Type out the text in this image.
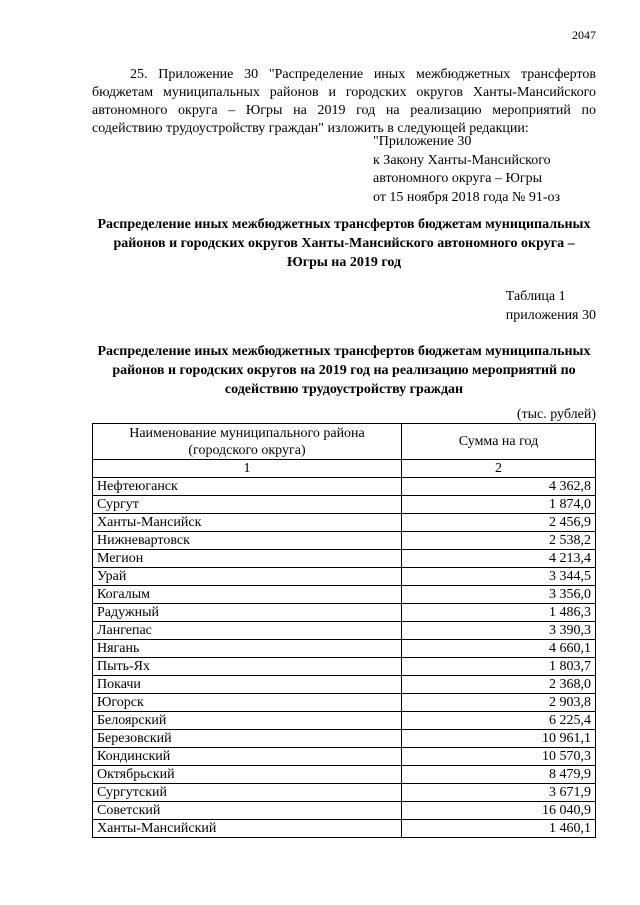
2047
25. Приложение 30 "Распределение иных межбюджетных трансфертов бюджетам муниципальных районов и городских округов Ханты-Мансийского автономного округа – Югры на 2019 год на реализацию мероприятий по содействию трудоустройству граждан" изложить в следующей редакции:
"Приложение 30
к Закону Ханты-Мансийского
автономного округа – Югры
от 15 ноября 2018 года № 91-оз
Распределение иных межбюджетных трансфертов бюджетам муниципальных районов и городских округов Ханты-Мансийского автономного округа – Югры на 2019 год
Таблица 1
приложения 30
Распределение иных межбюджетных трансфертов бюджетам муниципальных районов и городских округов на 2019 год на реализацию мероприятий по содействию трудоустройству граждан
(тыс. рублей)
Наименование муниципального района (городского округа)	Сумма на год
1	2
Нефтеюганск	4 362,8
Сургут	1 874,0
Ханты-Мансийск	2 456,9
Нижневартовск	2 538,2
Мегион	4 213,4
Урай	3 344,5
Когалым	3 356,0
Радужный	1 486,3
Лангепас	3 390,3
Нягань	4 660,1
Пыть-Ях	1 803,7
Покачи	2 368,0
Югорск	2 903,8
Белоярский	6 225,4
Березовский	10 961,1
Кондинский	10 570,3
Октябрьский	8 479,9
Сургутский	3 671,9
Советский	16 040,9
Ханты-Мансийский	1 460,1
